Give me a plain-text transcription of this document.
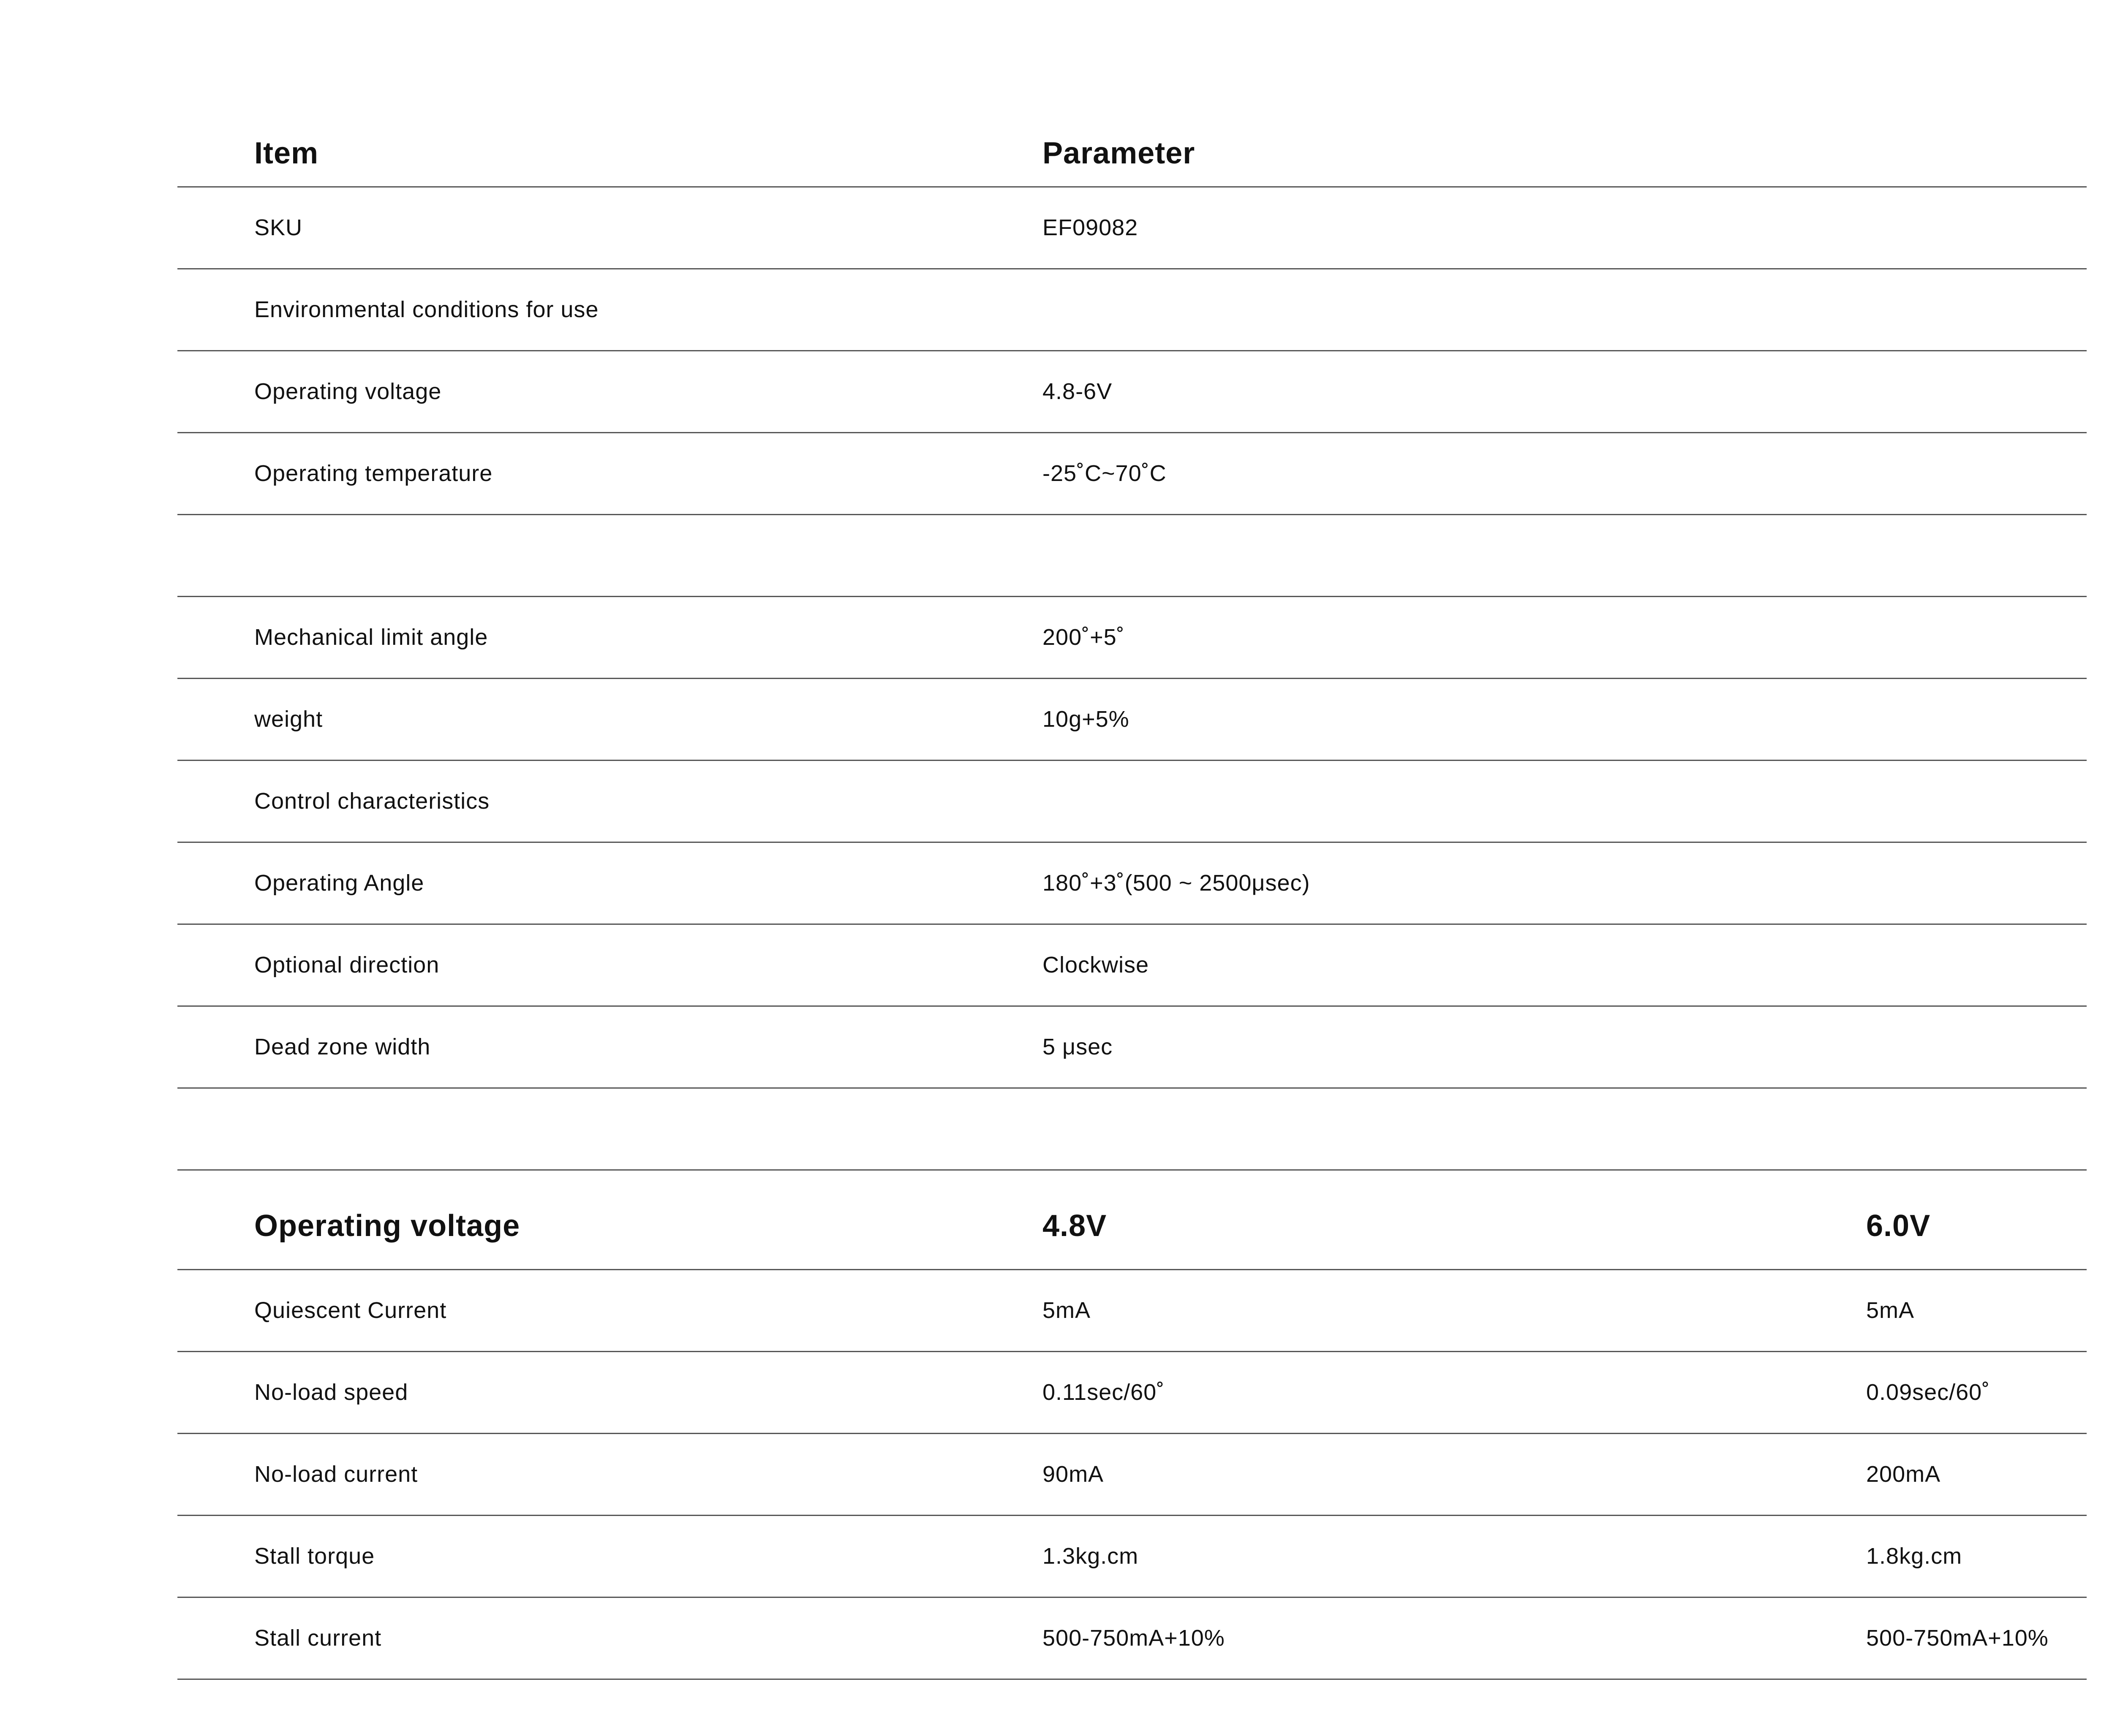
Item	Parameter
SKU	EF09082
Environmental conditions for use
Operating voltage	4.8-6V
Operating temperature	-25˚C~70˚C
Mechanical limit angle	200˚+5˚
weight	10g+5%
Control characteristics
Operating Angle	180˚+3˚(500 ~ 2500μsec)
Optional direction	Clockwise
Dead zone width	5 μsec
Operating voltage	4.8V	6.0V
Quiescent Current	5mA	5mA
No-load speed	0.11sec/60˚	0.09sec/60˚
No-load current	90mA	200mA
Stall torque	1.3kg.cm	1.8kg.cm
Stall current	500-750mA+10%	500-750mA+10%
